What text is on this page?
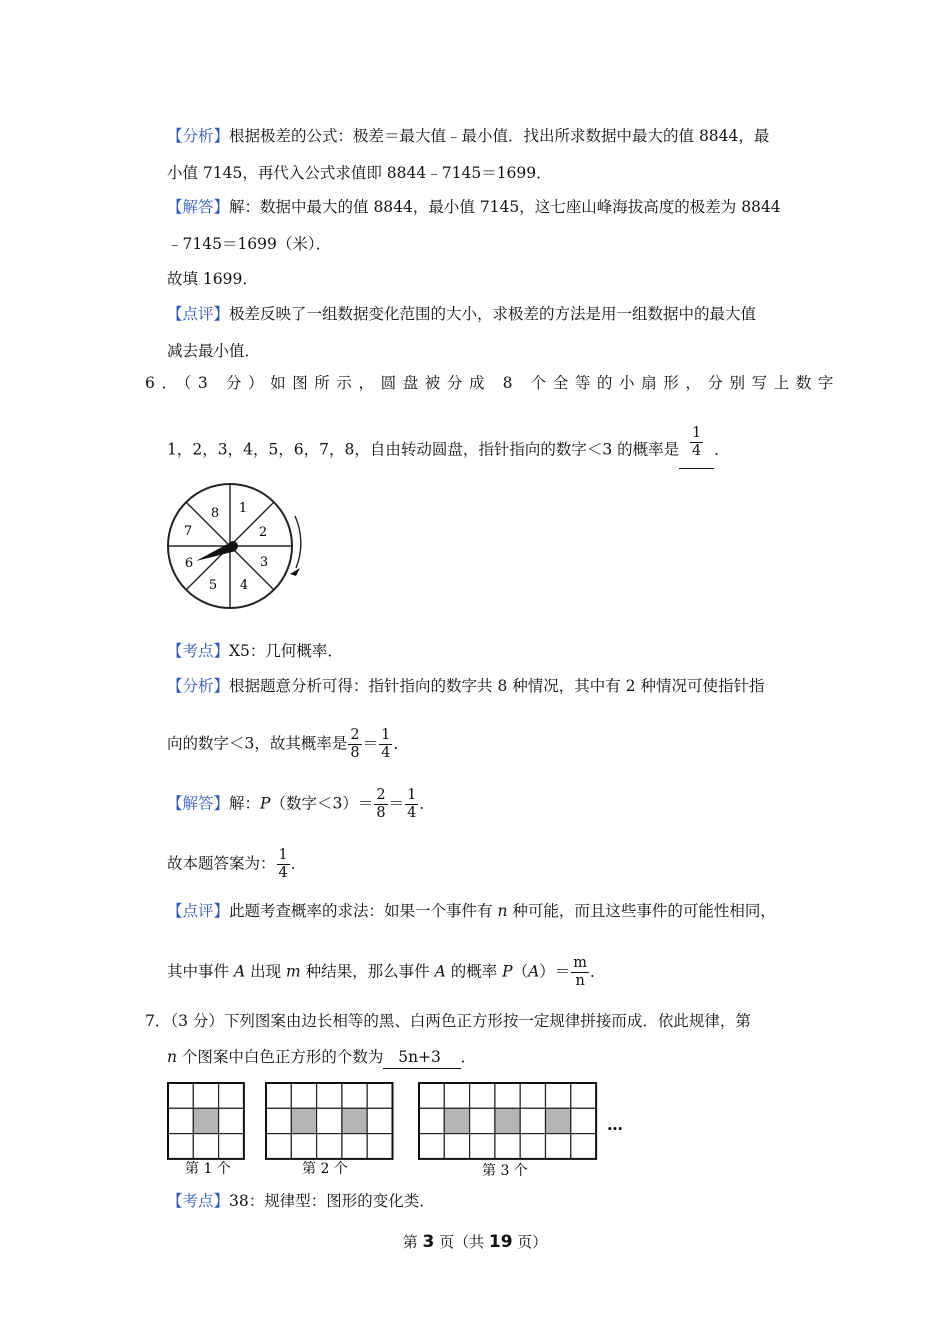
【分析】根据极差的公式：极差＝最大值﹣最小值．找出所求数据中最大的值 8844，最
小值 7145，再代入公式求值即 8844﹣7145＝1699．
【解答】解：数据中最大的值 8844，最小值 7145，这七座山峰海拔高度的极差为 8844
﹣7145＝1699（米）．
故填 1699．
【点评】极差反映了一组数据变化范围的大小，求极差的方法是用一组数据中的最大值
减去最小值．
6．（3 分）如图所示，圆盘被分成 8 个全等的小扇形，分别写上数字
1，2，3，4，5，6，7，8，自由转动圆盘，指针指向的数字＜3 的概率是 $\frac{1}{4}$ ．
1
2
3
4
5
6
7
8
【考点】X5：几何概率．
【分析】根据题意分析可得：指针指向的数字共 8 种情况，其中有 2 种情况可使指针指
向的数字＜3，故其概率是 $\frac{2}{8} = \frac{1}{4}$ ．
【解答】解：P（数字$<3)= \frac{2}{8} = \frac{1}{4}$ ．
故本题答案为： $\frac{1}{4}$ ．
【点评】此题考查概率的求法：如果一个事件有 n 种可能，而且这些事件的可能性相同，
其中事件 A 出现 m 种结果，那么事件 A 的概率 $P(A)= \frac{m}{n}$ ．
7．（3 分）下列图案由边长相等的黑、白两色正方形按一定规律拼接而成．依此规律，第
n 个图案中白色正方形的个数为 5n+3 ．
第 1 个	第 2 个	第 3 个
…
【考点】38：规律型：图形的变化类．
第 3 页（共 19 页）
